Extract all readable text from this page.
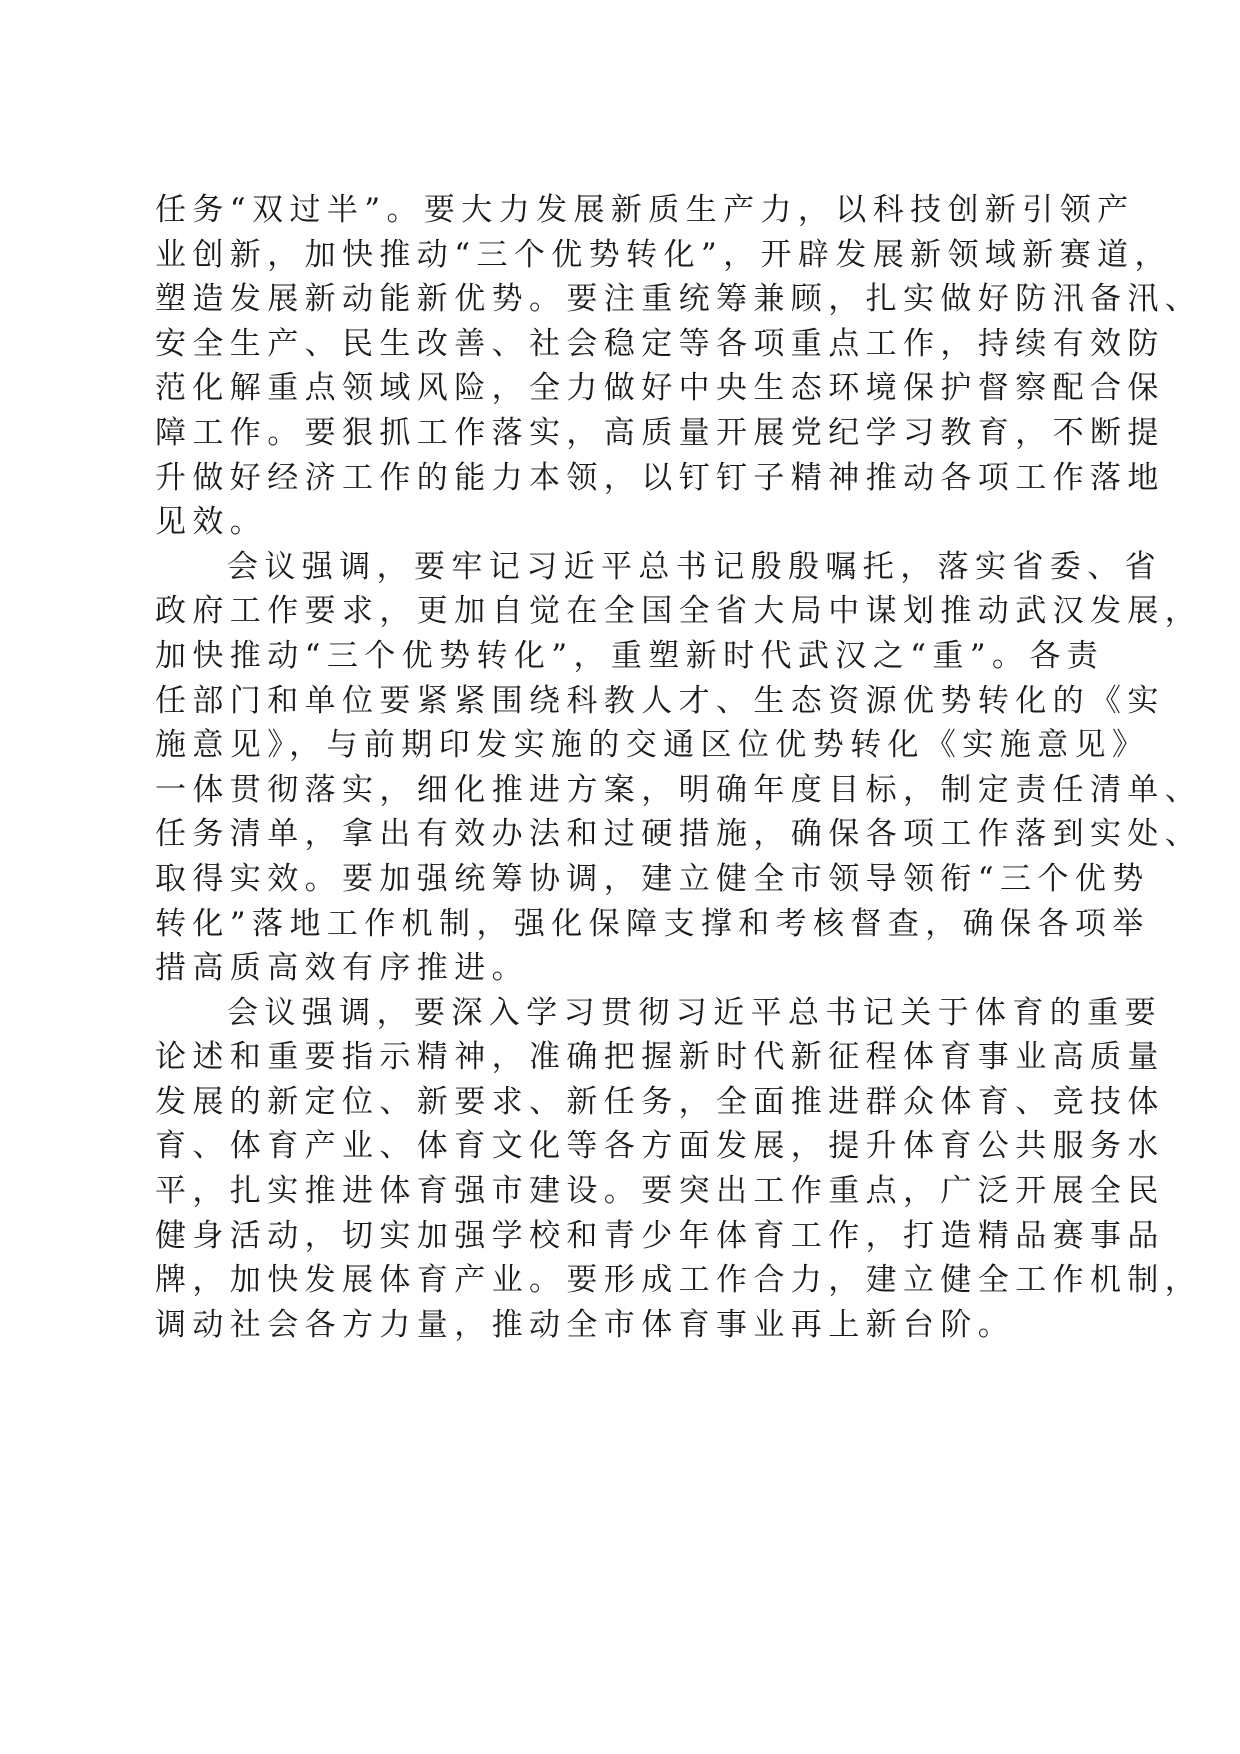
任务“双过半”。要大力发展新质生产力，以科技创新引领产
业创新，加快推动“三个优势转化”，开辟发展新领域新赛道，
塑造发展新动能新优势。要注重统筹兼顾，扎实做好防汛备汛、
安全生产、民生改善、社会稳定等各项重点工作，持续有效防
范化解重点领域风险，全力做好中央生态环境保护督察配合保
障工作。要狠抓工作落实，高质量开展党纪学习教育，不断提
升做好经济工作的能力本领，以钉钉子精神推动各项工作落地
见效。
会议强调，要牢记习近平总书记殷殷嘱托，落实省委、省
政府工作要求，更加自觉在全国全省大局中谋划推动武汉发展，
加快推动“三个优势转化”，重塑新时代武汉之“重”。各责
任部门和单位要紧紧围绕科教人才、生态资源优势转化的《实
施意见》，与前期印发实施的交通区位优势转化《实施意见》
一体贯彻落实，细化推进方案，明确年度目标，制定责任清单、
任务清单，拿出有效办法和过硬措施，确保各项工作落到实处、
取得实效。要加强统筹协调，建立健全市领导领衔“三个优势
转化”落地工作机制，强化保障支撑和考核督查，确保各项举
措高质高效有序推进。
会议强调，要深入学习贯彻习近平总书记关于体育的重要
论述和重要指示精神，准确把握新时代新征程体育事业高质量
发展的新定位、新要求、新任务，全面推进群众体育、竞技体
育、体育产业、体育文化等各方面发展，提升体育公共服务水
平，扎实推进体育强市建设。要突出工作重点，广泛开展全民
健身活动，切实加强学校和青少年体育工作，打造精品赛事品
牌，加快发展体育产业。要形成工作合力，建立健全工作机制，
调动社会各方力量，推动全市体育事业再上新台阶。
